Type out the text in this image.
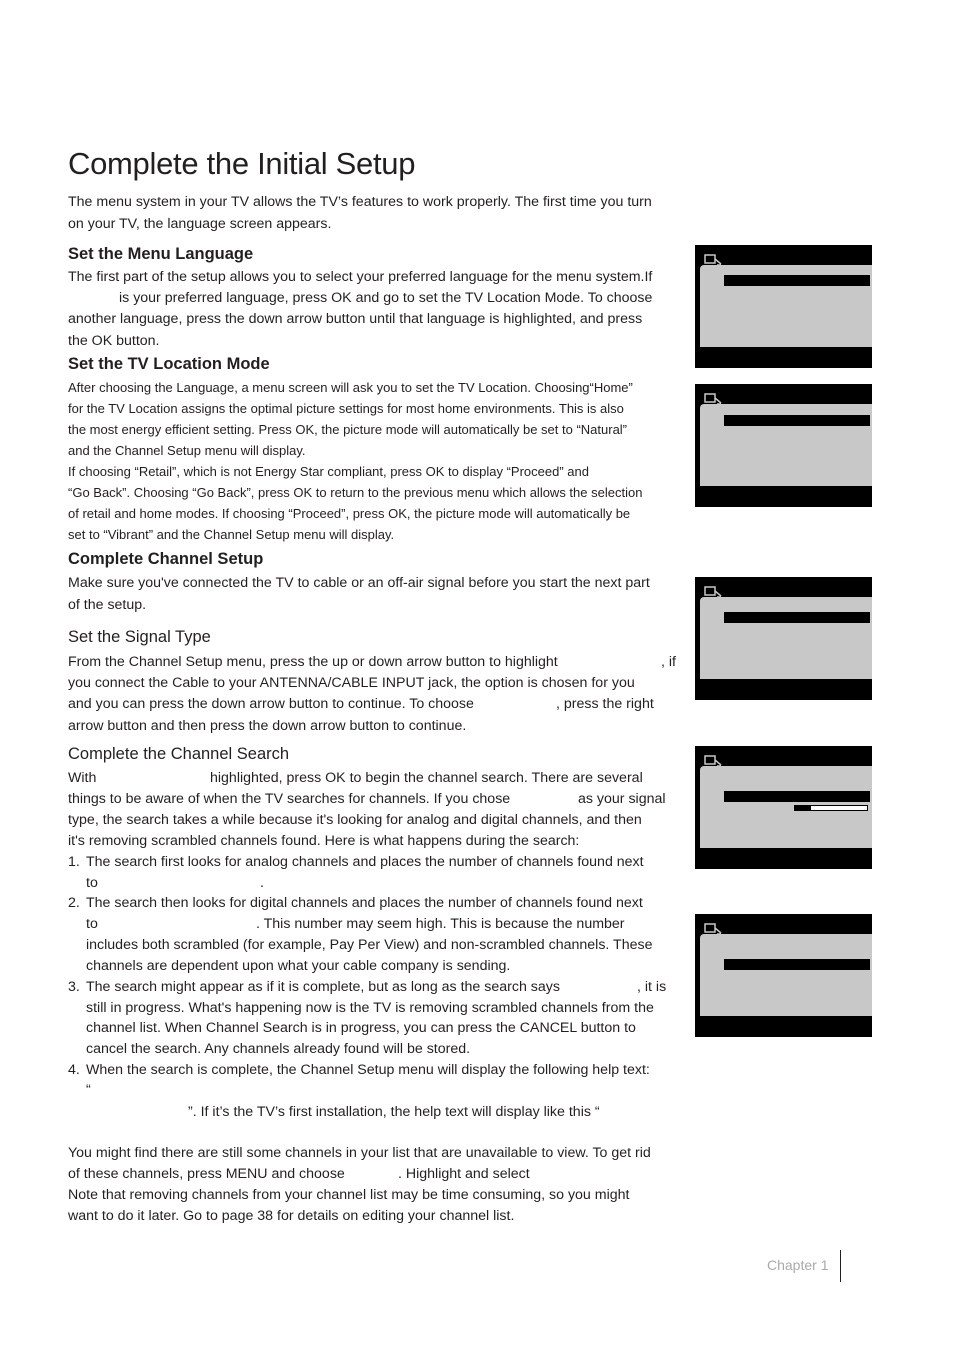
Complete the Initial Setup
The menu system in your TV allows the TV’s features to work properly. The first time you turn
on your TV, the language screen appears.
Set the Menu Language
The first part of the setup allows you to select your preferred language for the menu system.If
is your preferred language, press OK and go to set the TV Location Mode. To choose
another language, press the down arrow button until that language is highlighted, and press
the OK button.
Set the TV Location Mode
After choosing the Language, a menu screen will ask you to set the TV Location. Choosing“Home”
for the TV Location assigns the optimal picture settings for most home environments. This is also
the most energy efficient setting. Press OK, the picture mode will automatically be set to “Natural”
and the Channel Setup menu will display.
If choosing “Retail”, which is not Energy Star compliant, press OK to display “Proceed” and
“Go Back”. Choosing “Go Back”, press OK to return to the previous menu which allows the selection
of retail and home modes. If choosing “Proceed”, press OK, the picture mode will automatically be
set to “Vibrant” and the Channel Setup menu will display.
Complete Channel Setup
Make sure you've connected the TV to cable or an off-air signal before you start the next part
of the setup.
Set the Signal Type
From the Channel Setup menu, press the up or down arrow button to highlight	, if
you connect the Cable to your ANTENNA/CABLE INPUT jack, the option is chosen for you
and you can press the down arrow button to continue. To choose	, press the right
arrow button and then press the down arrow button to continue.
Complete the Channel Search
With	highlighted, press OK to begin the channel search. There are several
things to be aware of when the TV searches for channels. If you chose	as your signal
type, the search takes a while because it's looking for analog and digital channels, and then
it's removing scrambled channels found. Here is what happens during the search:
1. The search first looks for analog channels and places the number of channels found next
to	.
2. The search then looks for digital channels and places the number of channels found next
to	. This number may seem high. This is because the number
includes both scrambled (for example, Pay Per View) and non-scrambled channels. These
channels are dependent upon what your cable company is sending.
3. The search might appear as if it is complete, but as long as the search says	, it is
still in progress. What's happening now is the TV is removing scrambled channels from the
channel list. When Channel Search is in progress, you can press the CANCEL button to
cancel the search. Any channels already found will be stored.
4. When the search is complete, the Channel Setup menu will display the following help text:
“
”. If it’s the TV’s first installation, the help text will display like this “
You might find there are still some channels in your list that are unavailable to view. To get rid
of these channels, press MENU and choose	. Highlight and select
Note that removing channels from your channel list may be time consuming, so you might
want to do it later. Go to page 38 for details on editing your channel list.
Chapter 1
